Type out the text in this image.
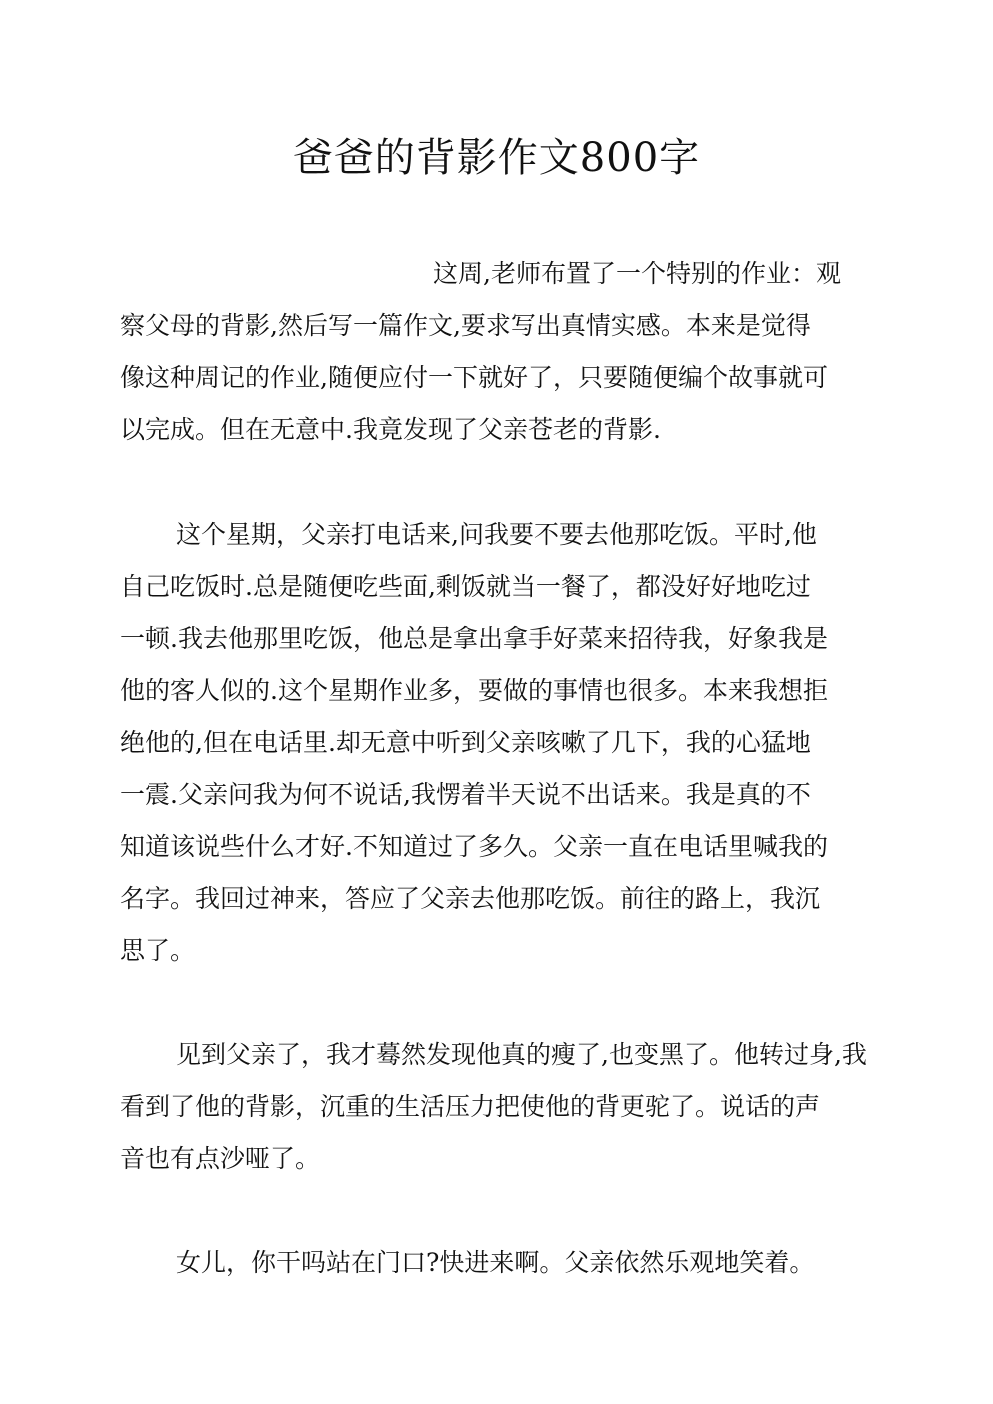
爸爸的背影作文800字
这周,老师布置了一个特别的作业：观
察父母的背影,然后写一篇作文,要求写出真情实感。本来是觉得
像这种周记的作业,随便应付一下就好了，只要随便编个故事就可
以完成。但在无意中.我竟发现了父亲苍老的背影.
这个星期，父亲打电话来,问我要不要去他那吃饭。平时,他
自己吃饭时.总是随便吃些面,剩饭就当一餐了，都没好好地吃过
一顿.我去他那里吃饭，他总是拿出拿手好菜来招待我，好象我是
他的客人似的.这个星期作业多，要做的事情也很多。本来我想拒
绝他的,但在电话里.却无意中听到父亲咳嗽了几下，我的心猛地
一震.父亲问我为何不说话,我愣着半天说不出话来。我是真的不
知道该说些什么才好.不知道过了多久。父亲一直在电话里喊我的
名字。我回过神来，答应了父亲去他那吃饭。前往的路上，我沉
思了。
见到父亲了，我才蓦然发现他真的瘦了,也变黑了。他转过身,我
看到了他的背影，沉重的生活压力把使他的背更驼了。说话的声
音也有点沙哑了。
女儿，你干吗站在门口?快进来啊。父亲依然乐观地笑着。
